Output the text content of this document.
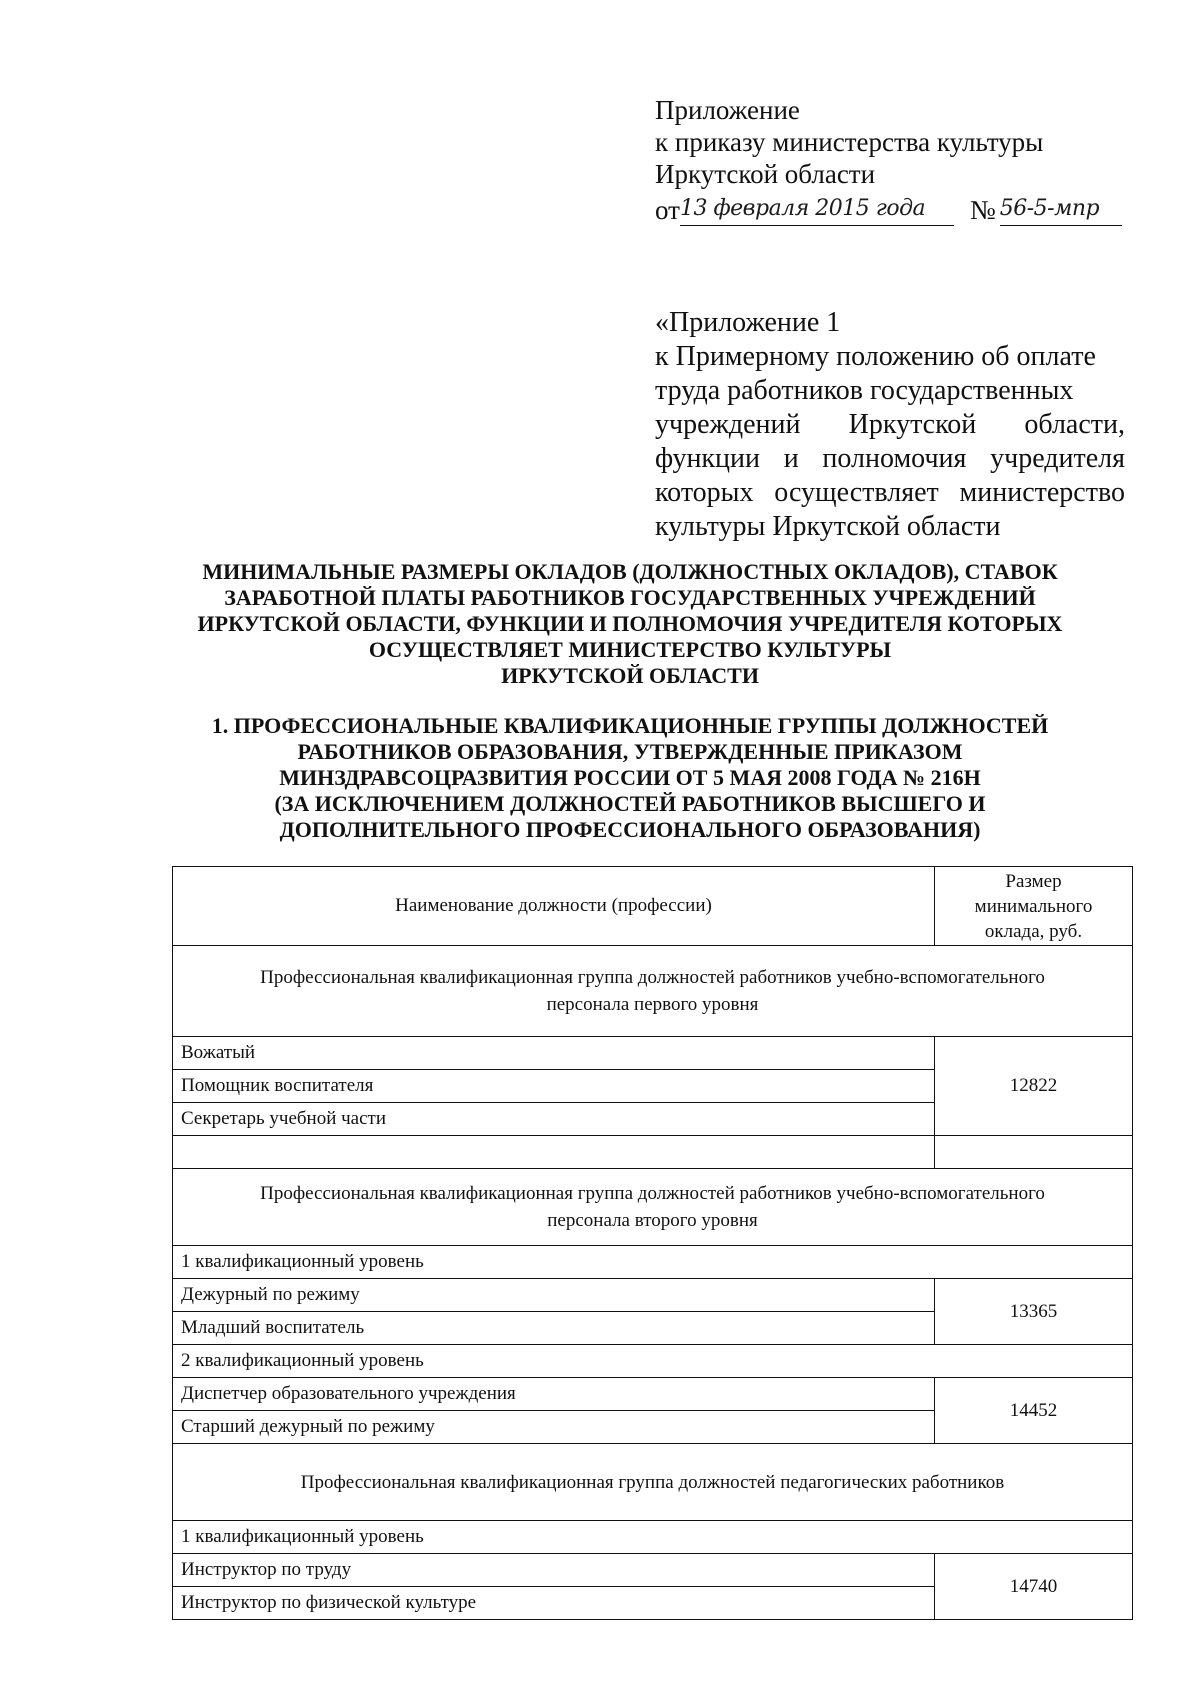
Приложение
к приказу министерства культуры
Иркутской области
от 13 февраля 2015 года	№ 56-5-мпр
«Приложение 1
к Примерному положению об оплате
труда работников государственных
учреждений Иркутской области,
функции и полномочия учредителя
которых осуществляет министерство
культуры Иркутской области
МИНИМАЛЬНЫЕ РАЗМЕРЫ ОКЛАДОВ (ДОЛЖНОСТНЫХ ОКЛАДОВ), СТАВОК
ЗАРАБОТНОЙ ПЛАТЫ РАБОТНИКОВ ГОСУДАРСТВЕННЫХ УЧРЕЖДЕНИЙ
ИРКУТСКОЙ ОБЛАСТИ, ФУНКЦИИ И ПОЛНОМОЧИЯ УЧРЕДИТЕЛЯ КОТОРЫХ
ОСУЩЕСТВЛЯЕТ МИНИСТЕРСТВО КУЛЬТУРЫ
ИРКУТСКОЙ ОБЛАСТИ
1. ПРОФЕССИОНАЛЬНЫЕ КВАЛИФИКАЦИОННЫЕ ГРУППЫ ДОЛЖНОСТЕЙ
РАБОТНИКОВ ОБРАЗОВАНИЯ, УТВЕРЖДЕННЫЕ ПРИКАЗОМ
МИНЗДРАВСОЦРАЗВИТИЯ РОССИИ ОТ 5 МАЯ 2008 ГОДА № 216Н
(ЗА ИСКЛЮЧЕНИЕМ ДОЛЖНОСТЕЙ РАБОТНИКОВ ВЫСШЕГО И
ДОПОЛНИТЕЛЬНОГО ПРОФЕССИОНАЛЬНОГО ОБРАЗОВАНИЯ)
Наименование должности (профессии)	Размер
минимального
оклада, руб.

Профессиональная квалификационная группа должностей работников учебно-вспомогательного
персонала первого уровня	

Вожатый	12822
Помощник воспитателя	
Секретарь учебной части	

Профессиональная квалификационная группа должностей работников учебно-вспомогательного
персонала второго уровня	

1 квалификационный уровень	
Дежурный по режиму	13365
Младший воспитатель	
2 квалификационный уровень	
Диспетчер образовательного учреждения	14452
Старший дежурный по режиму	
Профессиональная квалификационная группа должностей педагогических работников	
1 квалификационный уровень	
Инструктор по труду	14740
Инструктор по физической культуре	
